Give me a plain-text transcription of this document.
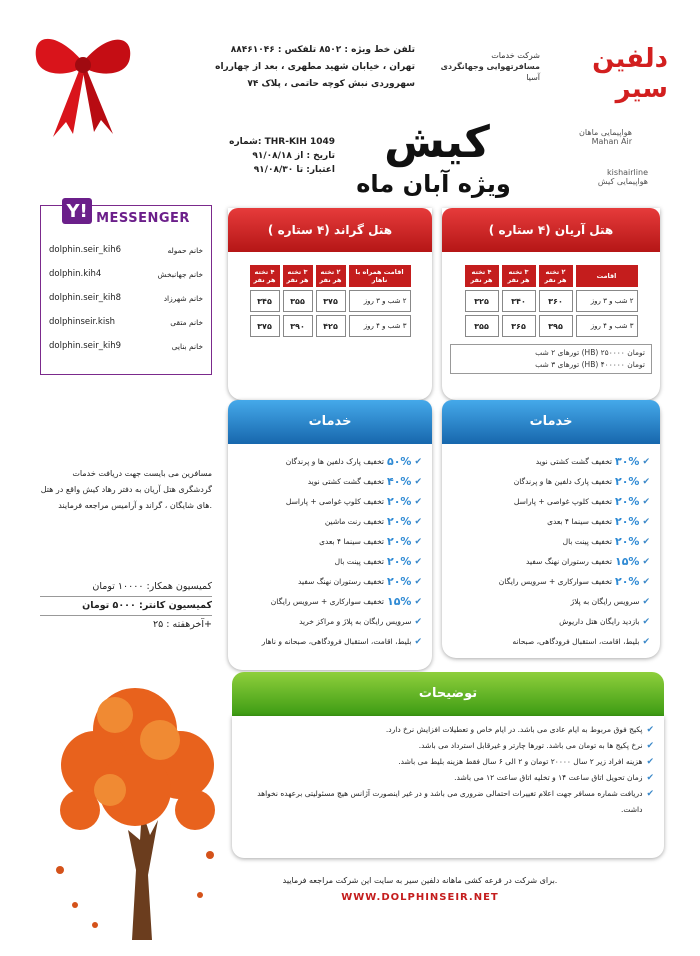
شرکت خدمات
مسافرتهوایی وجهانگردی
آسیا
دلفین سیر
تلفن خط ویژه : ۸۵۰۲ تلفکس : ۸۸۴۶۱۰۴۶
تهران ، خیابان شهید مطهری ، بعد از چهارراه
سهروردی نبش کوچه حاتمی ، پلاک ۷۴
هواپیمایی ماهان Mahan Air
kishairline هواپیمایی کیش
کیش
ویژه آبان ماه
شماره: THR-KIH 1049
تاریخ : از ۹۱/۰۸/۱۸
اعتبار: تا ۹۱/۰۸/۳۰
Y! MESSENGER
dolphin.seir_kih6	خانم حموله
dolphin.kih4	خانم جهانبخش
dolphin.seir_kih8	خانم شهرزاد
dolphinseir.kish	خانم متقی
dolphin.seir_kih9	خانم بنایی
هتل آریان (۴ ستاره )
اقامت	۲ تخته هر نفر	۳ تخته هر نفر	۴ تخته هر نفر
۲ شب و ۳ روز	۳۶۰	۳۴۰	۳۲۵
۳ شب و ۴ روز	۳۹۵	۳۶۵	۳۵۵
تورهای ۲ شب (HB) ۲۵۰۰۰۰ تومان
تورهای ۳ شب (HB) ۴۰۰۰۰۰ تومان
هتل گراند (۴ ستاره )
اقامت همراه با ناهار	۲ تخته هر نفر	۳ تخته هر نفر	۴ تخته هر نفر
۲ شب و ۳ روز	۳۷۵	۳۵۵	۳۴۵
۳ شب و ۴ روز	۴۲۵	۳۹۰	۳۷۵
خدمات
✔
۳۰%
تخفیف گشت کشتی نوید
✔
۲۰%
تخفیف پارک دلفین ها و پرندگان
✔
۲۰%
تخفیف کلوپ غواصی + پاراسل
✔
۲۰%
تخفیف سینما ۴ بعدی
✔
۲۰%
تخفیف پینت بال
✔
۱۵%
تخفیف رستوران نهنگ سفید
✔
۲۰%
تخفیف سوارکاری + سرویس رایگان
✔
سرویس رایگان به پلاژ
✔
بازدید رایگان هتل داریوش
✔
بلیط، اقامت، استقبال فرودگاهی، صبحانه
خدمات
✔
۵۰%
تخفیف پارک دلفین ها و پرندگان
✔
۴۰%
تخفیف گشت کشتی نوید
✔
۲۰%
تخفیف کلوپ غواصی + پاراسل
✔
۲۰%
تخفیف رنت ماشین
✔
۲۰%
تخفیف سینما ۴ بعدی
✔
۲۰%
تخفیف پینت بال
✔
۲۰%
تخفیف رستوران نهنگ سفید
✔
۱۵%
تخفیف سوارکاری + سرویس رایگان
✔
سرویس رایگان به پلاژ و مراکز خرید
✔
بلیط، اقامت، استقبال فرودگاهی، صبحانه و ناهار
مسافرین می بایست جهت دریافت خدمات گردشگری هتل آریان به دفتر رهاد کیش واقع در هتل های شایگان ، گراند و آرامیس مراجعه فرمایند.
کمیسیون همکار: ۱۰۰۰۰ تومان
کمیسیون کانتر: ۵۰۰۰ تومان
آخرهفته : ۲۵+
توضیحات
✔
پکیج فوق مربوط به ایام عادی می باشد. در ایام خاص و تعطیلات افزایش نرخ دارد.
✔
نرخ پکیج ها به تومان می باشد. تورها چارتر و غیرقابل استرداد می باشد.
✔
هزینه افراد زیر ۲ سال ۲۰۰۰۰ تومان و ۲ الی ۶ سال فقط هزینه بلیط می باشد.
✔
زمان تحویل اتاق ساعت ۱۴ و تخلیه اتاق ساعت ۱۲ می باشد.
✔
دریافت شماره مسافر جهت اعلام تغییرات احتمالی ضروری می باشد و در غیر اینصورت آژانس هیچ مسئولیتی برعهده نخواهد داشت.
برای شرکت در قرعه کشی ماهانه دلفین سیر به سایت این شرکت مراجعه فرمایید.
WWW.DOLPHINSEIR.NET
